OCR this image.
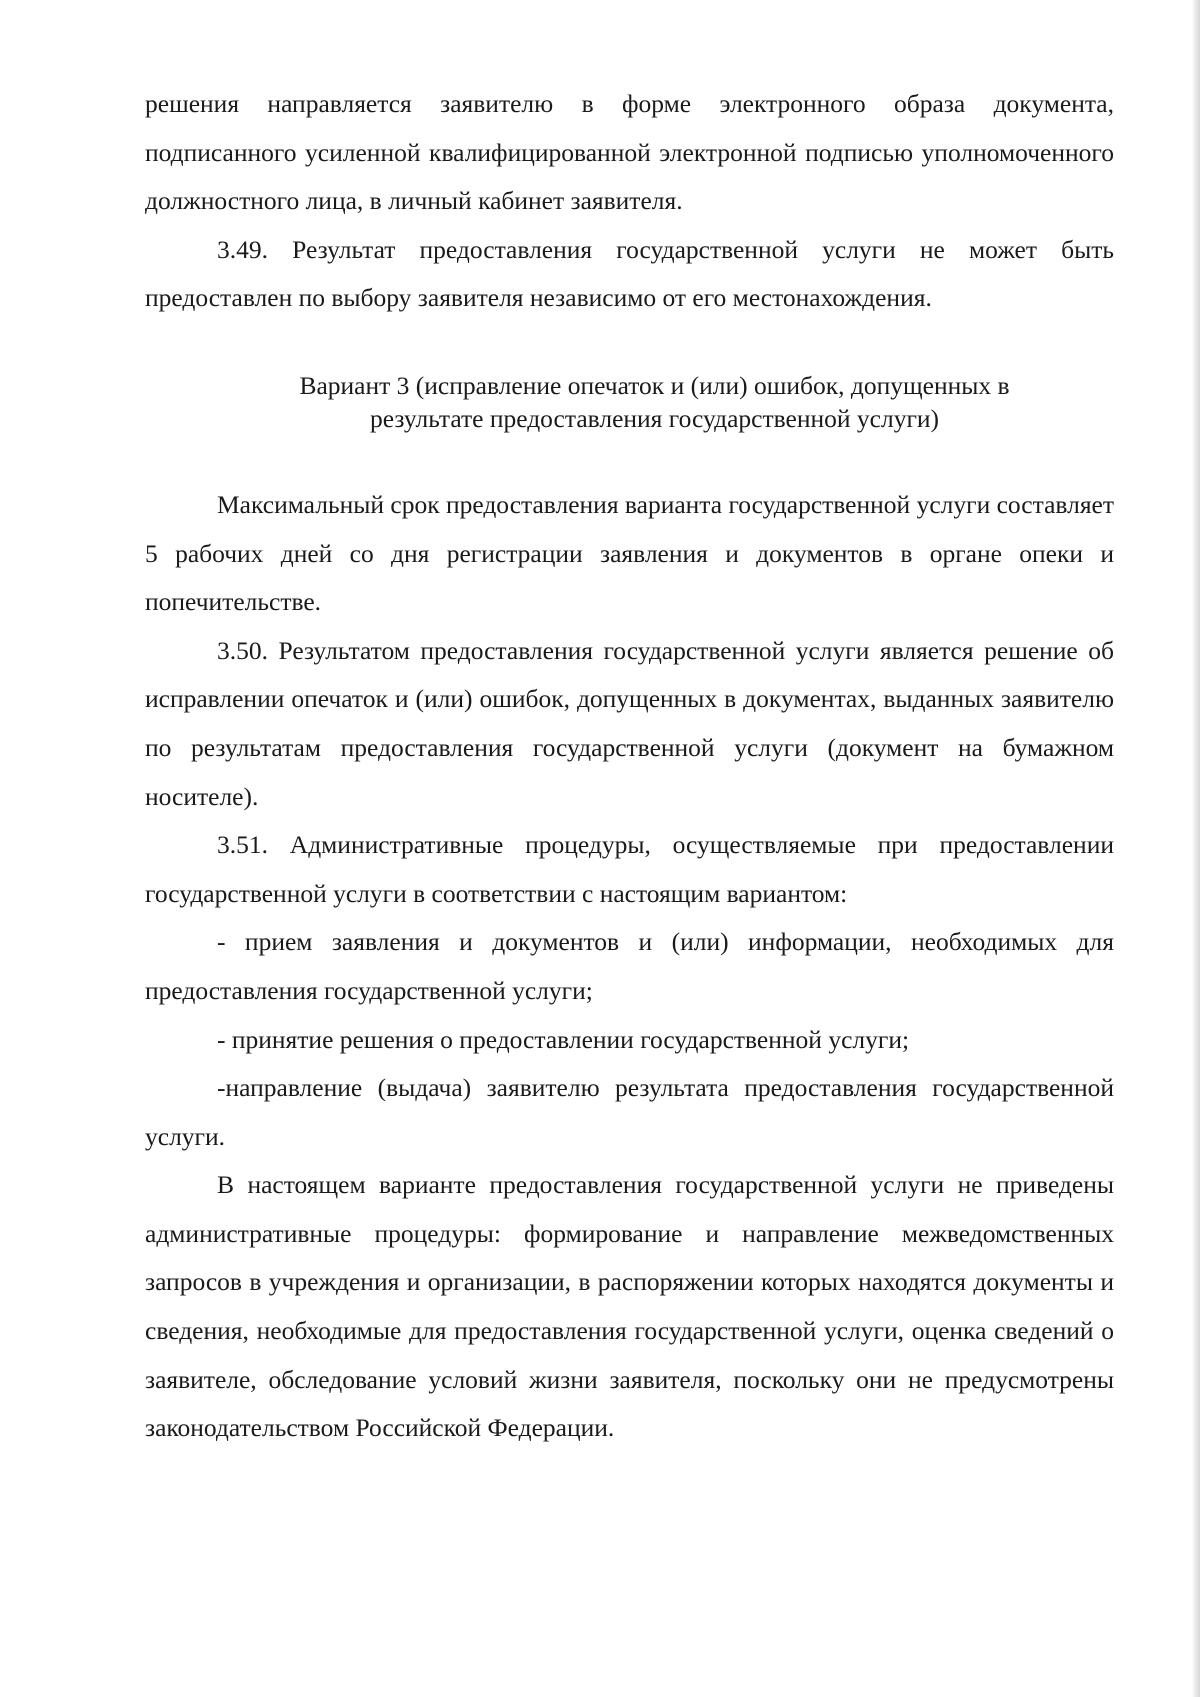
решения направляется заявителю в форме электронного образа документа, подписанного усиленной квалифицированной электронной подписью уполномоченного должностного лица, в личный кабинет заявителя.

3.49. Результат предоставления государственной услуги не может быть предоставлен по выбору заявителя независимо от его местонахождения.

Вариант 3 (исправление опечаток и (или) ошибок, допущенных в
результате предоставления государственной услуги)

Максимальный срок предоставления варианта государственной услуги составляет 5 рабочих дней со дня регистрации заявления и документов в органе опеки и попечительстве.

3.50. Результатом предоставления государственной услуги является решение об исправлении опечаток и (или) ошибок, допущенных в документах, выданных заявителю по результатам предоставления государственной услуги (документ на бумажном носителе).

3.51. Административные процедуры, осуществляемые при предоставлении государственной услуги в соответствии с настоящим вариантом:

- прием заявления и документов и (или) информации, необходимых для предоставления государственной услуги;

- принятие решения о предоставлении государственной услуги;

-направление (выдача) заявителю результата предоставления государственной услуги.

В настоящем варианте предоставления государственной услуги не приведены административные процедуры: формирование и направление межведомственных запросов в учреждения и организации, в распоряжении которых находятся документы и сведения, необходимые для предоставления государственной услуги, оценка сведений о заявителе, обследование условий жизни заявителя, поскольку они не предусмотрены законодательством Российской Федерации.
